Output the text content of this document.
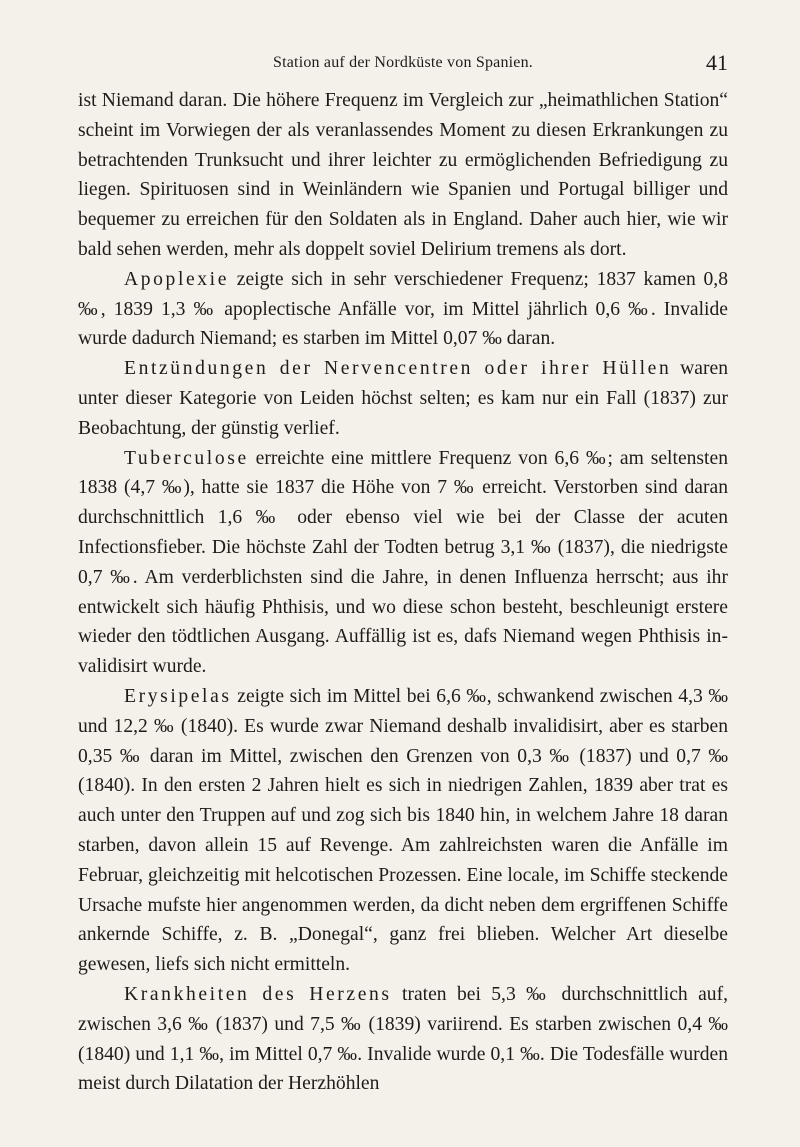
Station auf der Nordküste von Spanien.	41

ist Niemand daran. Die höhere Frequenz im Vergleich zur „heimathlichen Station“ scheint im Vorwiegen der als veranlassendes Moment zu diesen Erkrankungen zu betrachtenden Trunksucht und ihrer leichter zu ermöglichenden Befriedigung zu liegen. Spirituosen sind in Weinländern wie Spanien und Portugal billiger und bequemer zu erreichen für den Soldaten als in England. Daher auch hier, wie wir bald sehen werden, mehr als doppelt soviel Delirium tremens als dort.

Apoplexie zeigte sich in sehr verschiedener Frequenz; 1837 kamen 0,8 ‰, 1839 1,3 ‰ apoplectische Anfälle vor, im Mittel jährlich 0,6 ‰. Invalide wurde dadurch Niemand; es starben im Mittel 0,07 ‰ daran.

Entzündungen der Nervencentren oder ihrer Hüllen waren unter dieser Kategorie von Leiden höchst selten; es kam nur ein Fall (1837) zur Beobachtung, der günstig verlief.

Tuberculose erreichte eine mittlere Frequenz von 6,6 ‰; am seltensten 1838 (4,7 ‰), hatte sie 1837 die Höhe von 7 ‰ erreicht. Verstorben sind daran durchschnittlich 1,6 ‰ oder ebenso viel wie bei der Classe der acuten Infectionsfieber. Die höchste Zahl der Todten betrug 3,1 ‰ (1837), die niedrigste 0,7 ‰. Am verderblichsten sind die Jahre, in denen Influenza herrscht; aus ihr entwickelt sich häufig Phthisis, und wo diese schon besteht, beschleunigt erstere wieder den tödtlichen Ausgang. Auffällig ist es, dafs Niemand wegen Phthisis invalidisirt wurde.

Erysipelas zeigte sich im Mittel bei 6,6 ‰, schwankend zwischen 4,3 ‰ und 12,2 ‰ (1840). Es wurde zwar Niemand deshalb invalidisirt, aber es starben 0,35 ‰ daran im Mittel, zwischen den Grenzen von 0,3 ‰ (1837) und 0,7 ‰ (1840). In den ersten 2 Jahren hielt es sich in niedrigen Zahlen, 1839 aber trat es auch unter den Truppen auf und zog sich bis 1840 hin, in welchem Jahre 18 daran starben, davon allein 15 auf Revenge. Am zahlreichsten waren die Anfälle im Februar, gleichzeitig mit helcotischen Prozessen. Eine locale, im Schiffe steckende Ursache mufste hier angenommen werden, da dicht neben dem ergriffenen Schiffe ankernde Schiffe, z. B. „Donegal“, ganz frei blieben. Welcher Art dieselbe gewesen, liefs sich nicht ermitteln.

Krankheiten des Herzens traten bei 5,3 ‰ durchschnittlich auf, zwischen 3,6 ‰ (1837) und 7,5 ‰ (1839) variirend. Es starben zwischen 0,4 ‰ (1840) und 1,1 ‰, im Mittel 0,7 ‰. Invalide wurde 0,1 ‰. Die Todesfälle wurden meist durch Dilatation der Herzhöhlen
